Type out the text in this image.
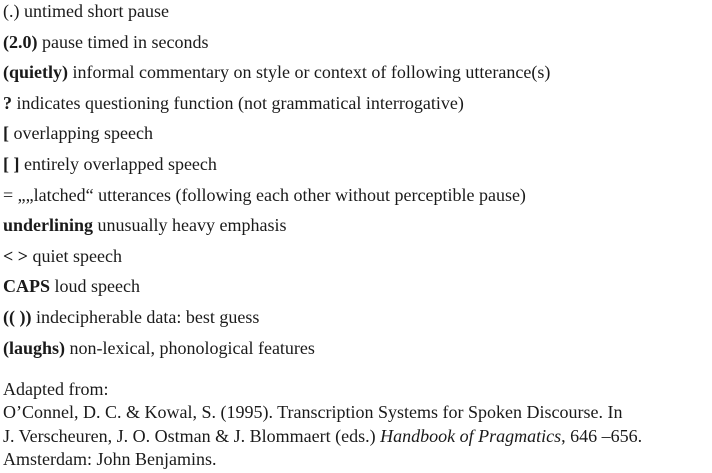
(.) untimed short pause
(2.0) pause timed in seconds
(quietly) informal commentary on style or context of following utterance(s)
? indicates questioning function (not grammatical interrogative)
[ overlapping speech
[ ] entirely overlapped speech
= „„latched“ utterances (following each other without perceptible pause)
underlining unusually heavy emphasis
< > quiet speech
CAPS loud speech
(( )) indecipherable data: best guess
(laughs) non-lexical, phonological features
Adapted from:
O’Connel, D. C. & Kowal, S. (1995). Transcription Systems for Spoken Discourse. In
J. Verscheuren, J. O. Ostman & J. Blommaert (eds.) Handbook of Pragmatics, 646 –656.
Amsterdam: John Benjamins.
